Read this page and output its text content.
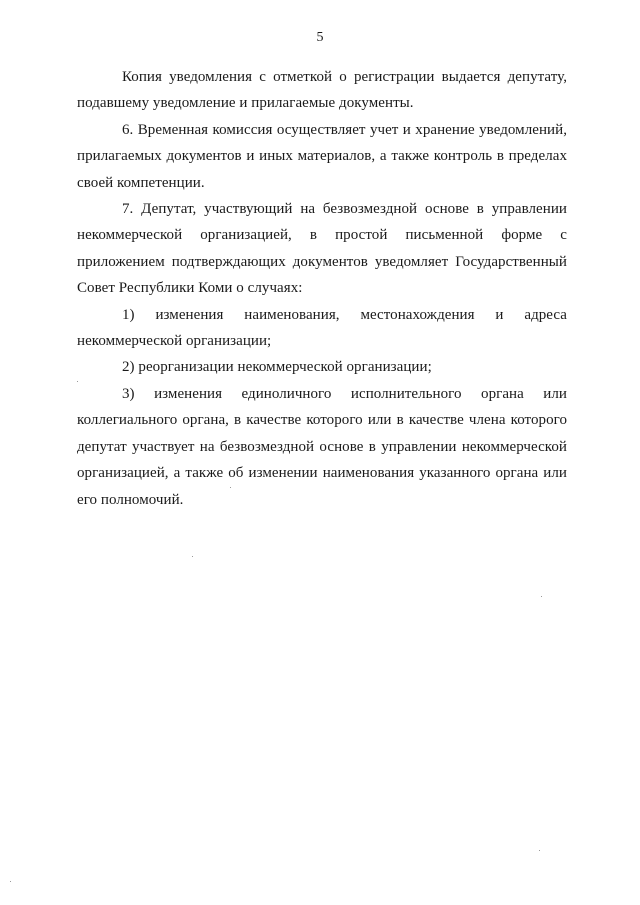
5

Копия уведомления с отметкой о регистрации выдается депутату, подавшему уведомление и прилагаемые документы.

6. Временная комиссия осуществляет учет и хранение уведомлений, прилагаемых документов и иных материалов, а также контроль в пределах своей компетенции.

7. Депутат, участвующий на безвозмездной основе в управлении некоммерческой организацией, в простой письменной форме с приложением подтверждающих документов уведомляет Государственный Совет Республики Коми о случаях:

1) изменения наименования, местонахождения и адреса некоммерческой организации;

2) реорганизации некоммерческой организации;

3) изменения единоличного исполнительного органа или коллегиального органа, в качестве которого или в качестве члена которого депутат участвует на безвозмездной основе в управлении некоммерческой организацией, а также об изменении наименования указанного органа или его полномочий.
